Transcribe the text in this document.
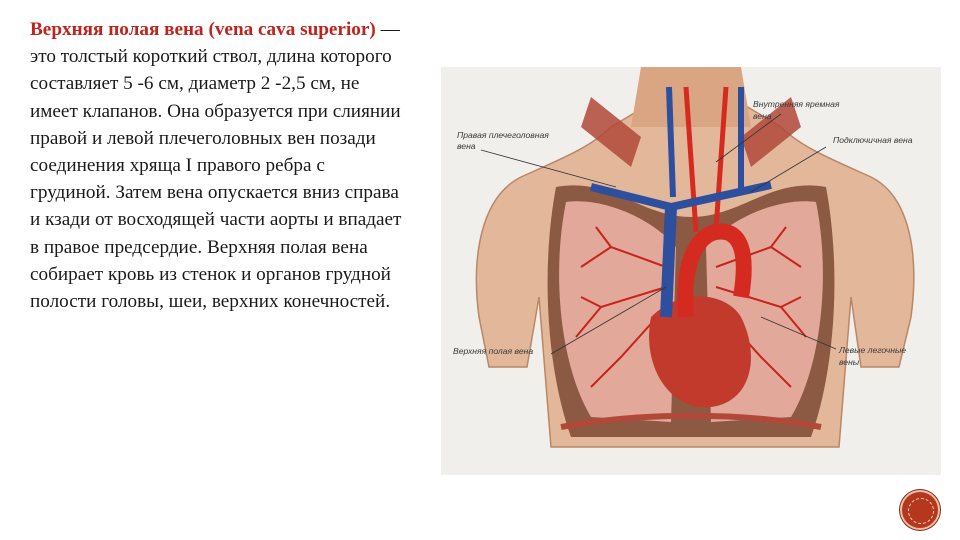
Верхняя полая вена (vena cava superior) — это толстый короткий ствол, длина которого составляет 5 -6 см, диаметр 2 -2,5 см, не имеет клапанов. Она образуется при слиянии правой и левой плечеголовных вен позади соединения хряща I правого ребра с грудиной. Затем вена опускается вниз справа и кзади от восходящей части аорты и впадает в правое предсердие. Верхняя полая вена собирает кровь из стенок и органов грудной полости головы, шеи, верхних конечностей.
Правая плечеголовная
вена
Внутренняя яремная
вена
Подключичная вена
Верхняя полая вена	Левые легочные
вены
